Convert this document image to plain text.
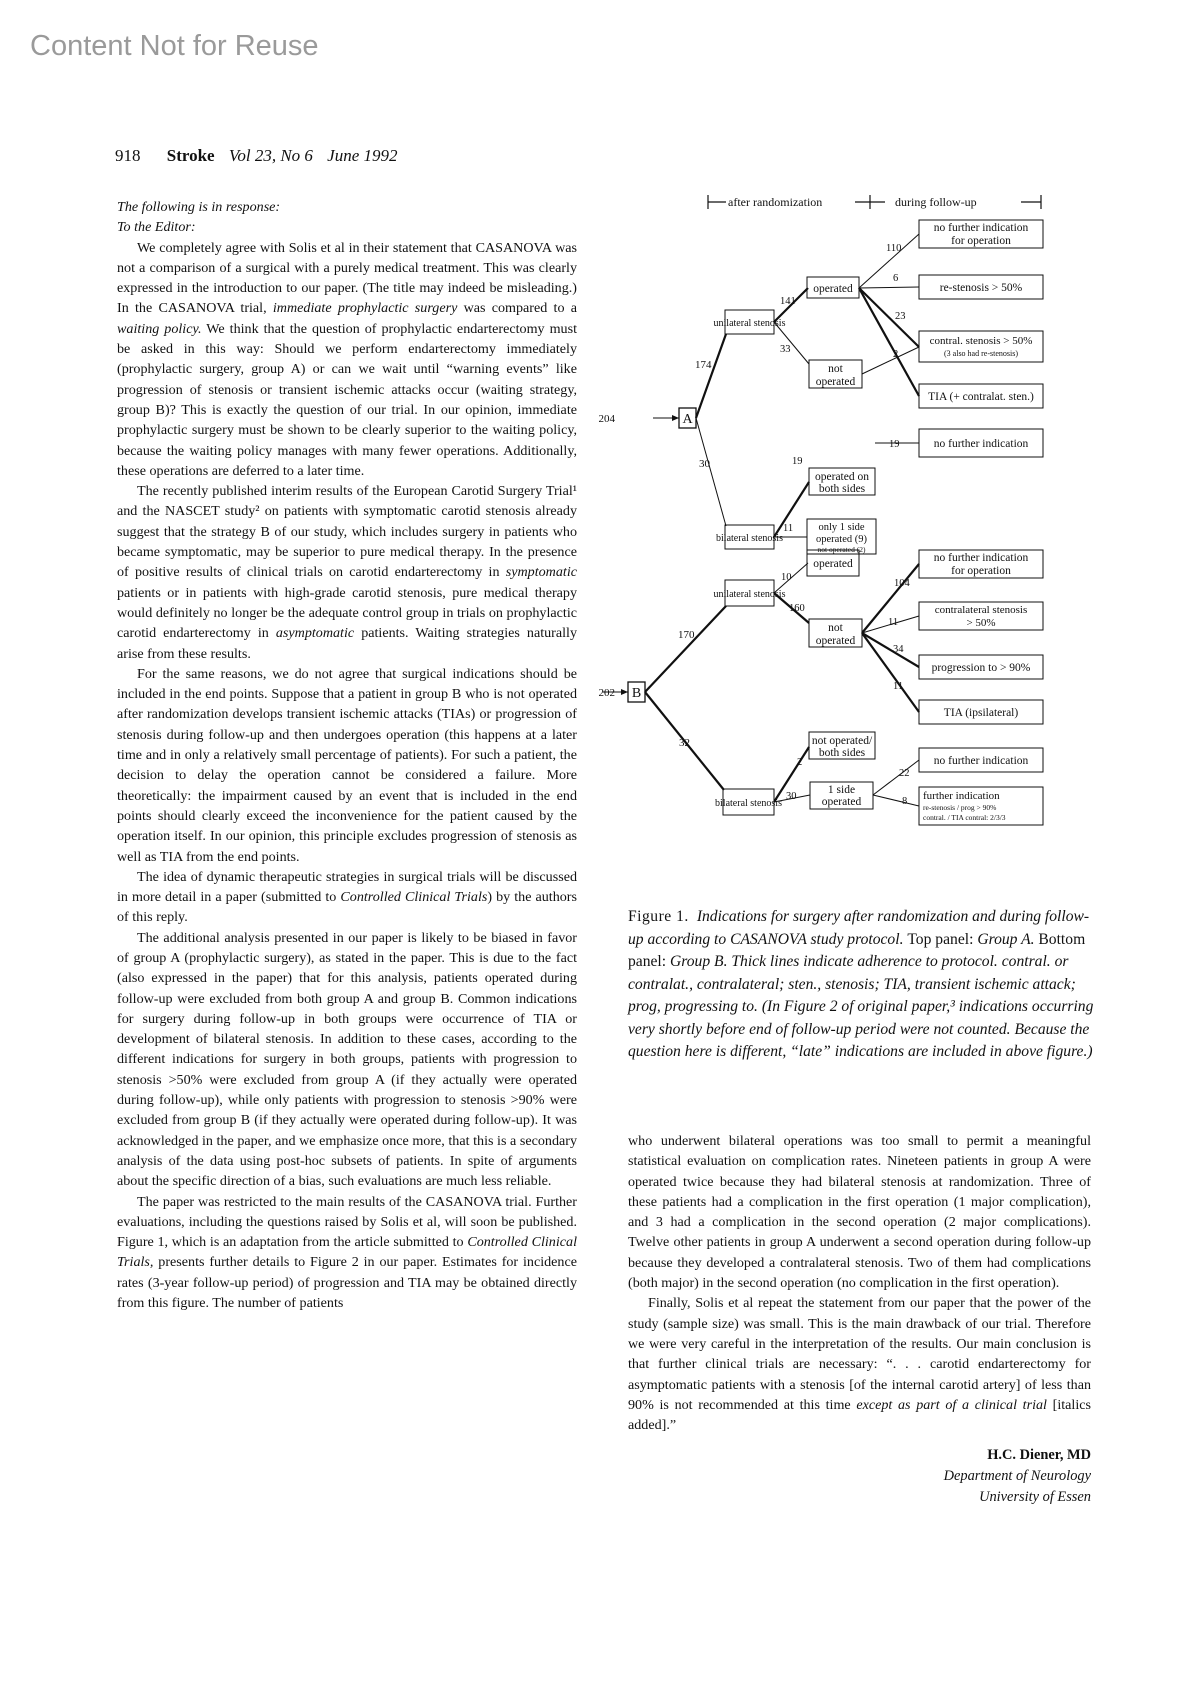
Content Not for Reuse
918 Stroke Vol 23, No 6 June 1992

The following is in response:

To the Editor:

We completely agree with Solis et al in their statement that CASANOVA was not a comparison of a surgical with a purely medical treatment. This was clearly expressed in the introduction to our paper. (The title may indeed be misleading.) In the CASANOVA trial, immediate prophylactic surgery was compared to a waiting policy. We think that the question of prophylactic endarterectomy must be asked in this way: Should we perform endarterectomy immediately (prophylactic surgery, group A) or can we wait until “warning events” like progression of stenosis or transient ischemic attacks occur (waiting strategy, group B)? This is exactly the question of our trial. In our opinion, immediate prophylactic surgery must be shown to be clearly superior to the waiting policy, because the waiting policy manages with many fewer operations. Additionally, these operations are deferred to a later time.

The recently published interim results of the European Carotid Surgery Trial¹ and the NASCET study² on patients with symptomatic carotid stenosis already suggest that the strategy B of our study, which includes surgery in patients who became symptomatic, may be superior to pure medical therapy. In the presence of positive results of clinical trials on carotid endarterectomy in symptomatic patients or in patients with high-grade carotid stenosis, pure medical therapy would definitely no longer be the adequate control group in trials on prophylactic carotid endarterectomy in asymptomatic patients. Waiting strategies naturally arise from these results.

For the same reasons, we do not agree that surgical indications should be included in the end points. Suppose that a patient in group B who is not operated after randomization develops transient ischemic attacks (TIAs) or progression of stenosis during follow-up and then undergoes operation (this happens at a later time and in only a relatively small percentage of patients). For such a patient, the decision to delay the operation cannot be considered a failure. More theoretically: the impairment caused by an event that is included in the end points should clearly exceed the inconvenience for the patient caused by the operation itself. In our opinion, this principle excludes progression of stenosis as well as TIA from the end points.

The idea of dynamic therapeutic strategies in surgical trials will be discussed in more detail in a paper (submitted to Controlled Clinical Trials) by the authors of this reply.

The additional analysis presented in our paper is likely to be biased in favor of group A (prophylactic surgery), as stated in the paper. This is due to the fact (also expressed in the paper) that for this analysis, patients operated during follow-up were excluded from both group A and group B. Common indications for surgery during follow-up in both groups were occurrence of TIA or development of bilateral stenosis. In addition to these cases, according to the different indications for surgery in both groups, patients with progression to stenosis >50% were excluded from group A (if they actually were operated during follow-up), while only patients with progression to stenosis >90% were excluded from group B (if they actually were operated during follow-up). It was acknowledged in the paper, and we emphasize once more, that this is a secondary analysis of the data using post-hoc subsets of patients. In spite of arguments about the specific direction of a bias, such evaluations are much less reliable.

The paper was restricted to the main results of the CASANOVA trial. Further evaluations, including the questions raised by Solis et al, will soon be published. Figure 1, which is an adaptation from the article submitted to Controlled Clinical Trials, presents further details to Figure 2 in our paper. Estimates for incidence rates (3-year follow-up period) of progression and TIA may be obtained directly from this figure. The number of patients

after randomization	during follow-up
204	A
174
30
unilateral stenosis
bilateral stenosis
141
33
operated
not
operated
110
6
23
2
no further indication
for operation
re-stenosis > 50%
contral. stenosis > 50%
(3 also had re-stenosis)
TIA (+ contralat. sten.)
19
11
operated on
both sides
only 1 side
operated (9)
not operated (2)
19	no further indication
202 B
170
32
unilateral stenosis
bilateral stenosis
10
160
operated
not
operated
104
11
34
11
no further indication
for operation
contralateral stenosis
> 50%
progression to > 90%
TIA (ipsilateral)
2
30
not operated/
both sides
1 side
operated
22
8
no further indication
further indication
re-stenosis / prog > 90%
contral. / TIA contral: 2/3/3
Figure 1. Indications for surgery after randomization and during follow-up according to CASANOVA study protocol. Top panel: Group A. Bottom panel: Group B. Thick lines indicate adherence to protocol. contral. or contralat., contralateral; sten., stenosis; TIA, transient ischemic attack; prog, progressing to. (In Figure 2 of original paper,³ indications occurring very shortly before end of follow-up period were not counted. Because the question here is different, “late” indications are included in above figure.)

who underwent bilateral operations was too small to permit a meaningful statistical evaluation on complication rates. Nineteen patients in group A were operated twice because they had bilateral stenosis at randomization. Three of these patients had a complication in the first operation (1 major complication), and 3 had a complication in the second operation (2 major complications). Twelve other patients in group A underwent a second operation during follow-up because they developed a contralateral stenosis. Two of them had complications (both major) in the second operation (no complication in the first operation).

Finally, Solis et al repeat the statement from our paper that the power of the study (sample size) was small. This is the main drawback of our trial. Therefore we were very careful in the interpretation of the results. Our main conclusion is that further clinical trials are necessary: “. . . carotid endarterectomy for asymptomatic patients with a stenosis [of the internal carotid artery] of less than 90% is not recommended at this time except as part of a clinical trial [italics added].”

H.C. Diener, MD
Department of Neurology
University of Essen
